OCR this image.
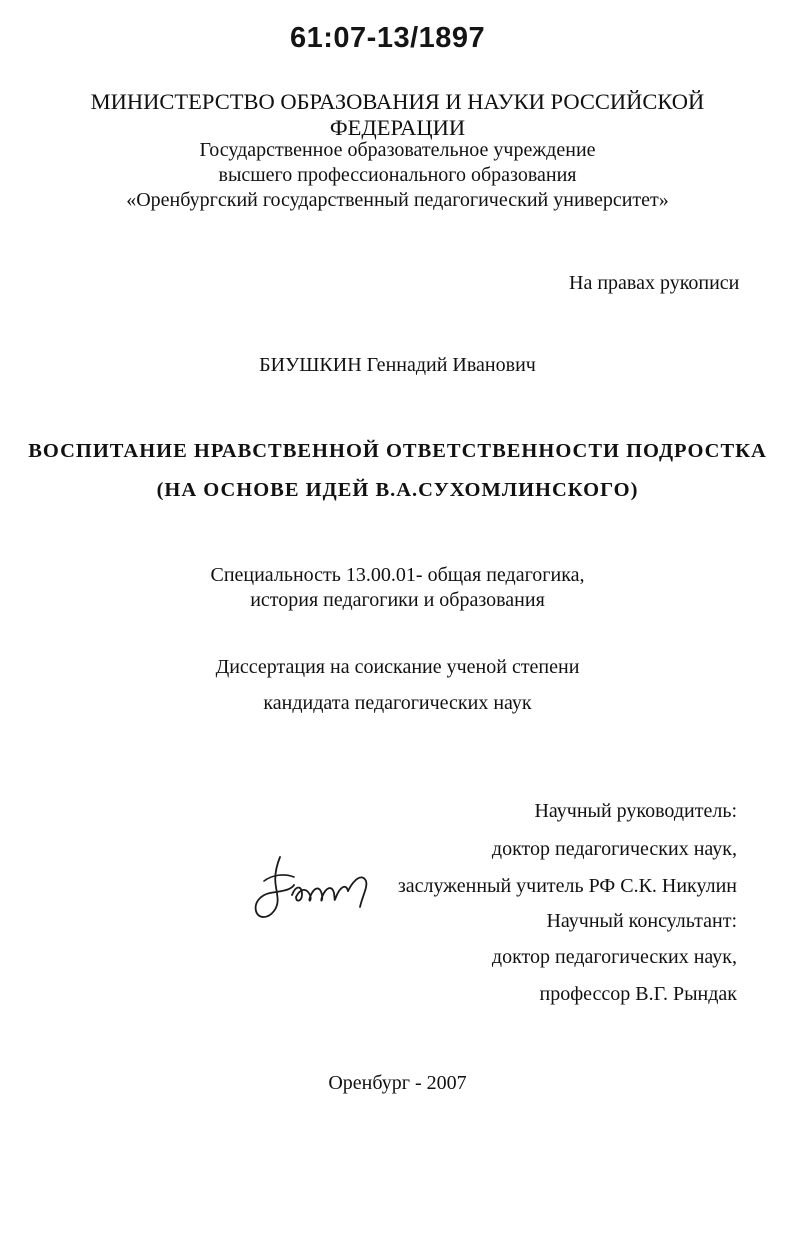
61:07-13/1897
МИНИСТЕРСТВО ОБРАЗОВАНИЯ И НАУКИ РОССИЙСКОЙ
ФЕДЕРАЦИИ
Государственное образовательное учреждение
высшего профессионального образования
«Оренбургский государственный педагогический университет»
На правах рукописи
БИУШКИН Геннадий Иванович
ВОСПИТАНИЕ НРАВСТВЕННОЙ ОТВЕТСТВЕННОСТИ ПОДРОСТКА
(НА ОСНОВЕ ИДЕЙ В.А.СУХОМЛИНСКОГО)
Специальность 13.00.01- общая педагогика,
история педагогики и образования
Диссертация на соискание ученой степени
кандидата педагогических наук
Научный руководитель:
доктор педагогических наук,
заслуженный учитель РФ С.К. Никулин
Научный консультант:
доктор педагогических наук,
профессор В.Г. Рындак
Оренбург - 2007
